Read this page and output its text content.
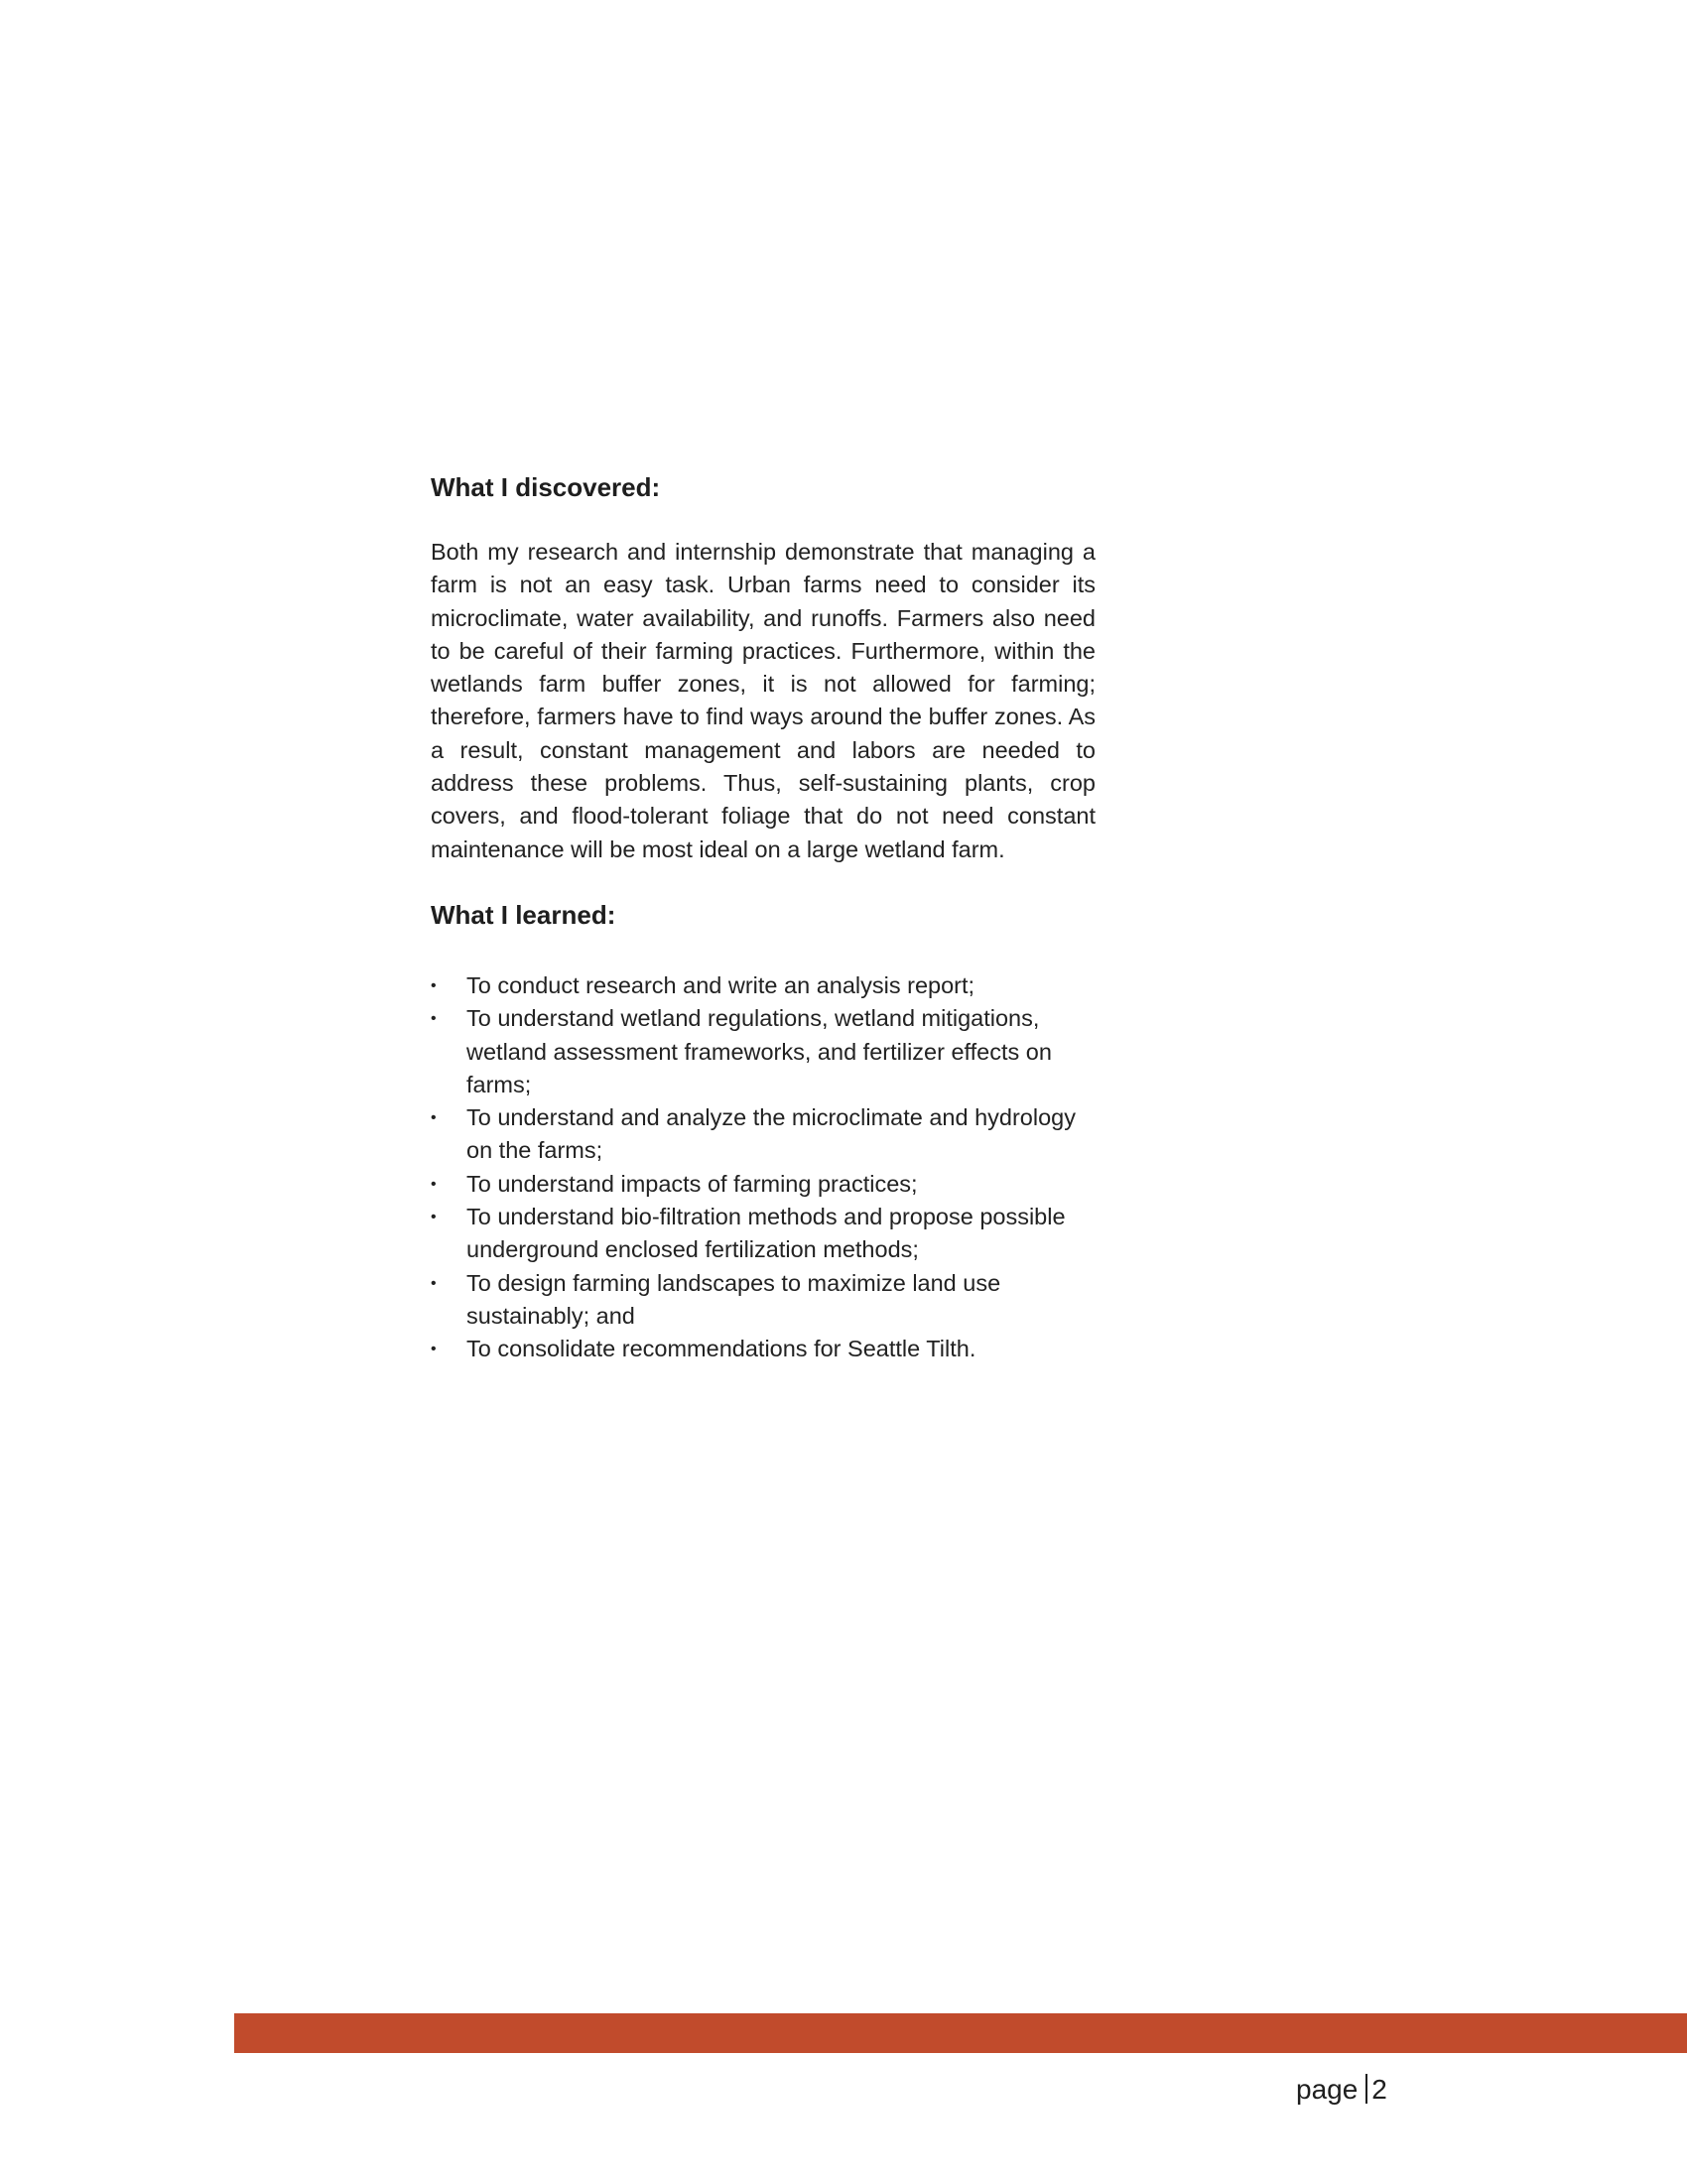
What I discovered:

Both my research and internship demonstrate that managing a farm is not an easy task. Urban farms need to consider its microclimate, water availability, and runoffs. Farmers also need to be careful of their farming practices. Furthermore, within the wetlands farm buffer zones, it is not allowed for farming; therefore, farmers have to find ways around the buffer zones. As a result, constant management and labors are needed to address these problems. Thus, self-sustaining plants, crop covers, and flood-tolerant foliage that do not need constant maintenance will be most ideal on a large wetland farm.

What I learned:
• To conduct research and write an analysis report;
• To understand wetland regulations, wetland mitigations, wetland assessment frameworks, and fertilizer effects on farms;
• To understand and analyze the microclimate and hydrology on the farms;
• To understand impacts of farming practices;
• To understand bio-filtration methods and propose possible underground enclosed fertilization methods;
• To design farming landscapes to maximize land use sustainably; and
• To consolidate recommendations for Seattle Tilth.
page 2
